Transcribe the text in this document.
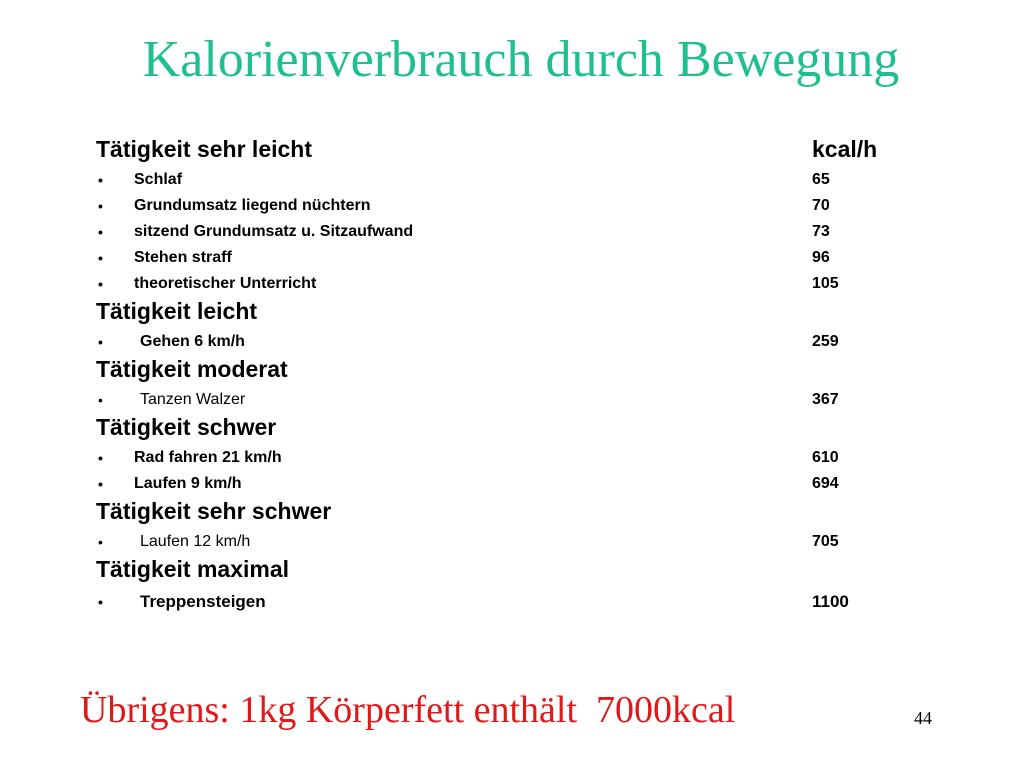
Kalorienverbrauch durch Bewegung
Tätigkeit sehr leicht	kcal/h
• Schlaf	65
• Grundumsatz liegend nüchtern	70
• sitzend Grundumsatz u. Sitzaufwand	73
• Stehen straff	96
• theoretischer Unterricht	105
Tätigkeit leicht
• Gehen 6 km/h	259
Tätigkeit moderat
• Tanzen Walzer	367
Tätigkeit schwer
• Rad fahren 21 km/h	610
• Laufen 9 km/h	694
Tätigkeit sehr schwer
• Laufen 12 km/h	705
Tätigkeit maximal
• Treppensteigen	1100
Übrigens: 1kg Körperfett enthält  7000kcal	44
